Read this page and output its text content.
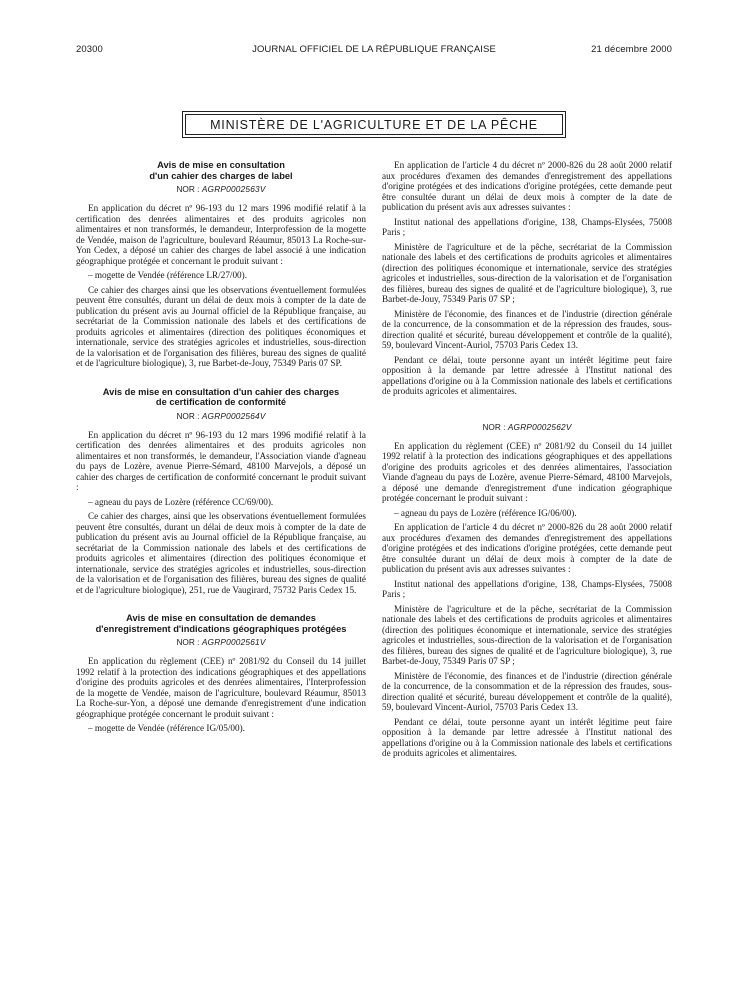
20300	JOURNAL OFFICIEL DE LA RÉPUBLIQUE FRANÇAISE	21 décembre 2000
MINISTÈRE DE L'AGRICULTURE ET DE LA PÊCHE
Avis de mise en consultation
d'un cahier des charges de label
NOR : AGRP0002563V

En application du décret nº 96-193 du 12 mars 1996 modifié relatif à la certification des denrées alimentaires et des produits agricoles non alimentaires et non transformés, le demandeur, Interprofession de la mogette de Vendée, maison de l'agriculture, boulevard Réaumur, 85013 La Roche-sur-Yon Cedex, a déposé un cahier des charges de label associé à une indication géographique protégée et concernant le produit suivant :

– mogette de Vendée (référence LR/27/00).

Ce cahier des charges ainsi que les observations éventuellement formulées peuvent être consultés, durant un délai de deux mois à compter de la date de publication du présent avis au Journal officiel de la République française, au secrétariat de la Commission nationale des labels et des certifications de produits agricoles et alimentaires (direction des politiques économiques et internationale, service des stratégies agricoles et industrielles, sous-direction de la valorisation et de l'organisation des filières, bureau des signes de qualité et de l'agriculture biologique), 3, rue Barbet-de-Jouy, 75349 Paris 07 SP.

Avis de mise en consultation d'un cahier des charges
de certification de conformité
NOR : AGRP0002564V

En application du décret nº 96-193 du 12 mars 1996 modifié relatif à la certification des denrées alimentaires et des produits agricoles non alimentaires et non transformés, le demandeur, l'Association viande d'agneau du pays de Lozère, avenue Pierre-Sémard, 48100 Marvejols, a déposé un cahier des charges de certification de conformité concernant le produit suivant :

– agneau du pays de Lozère (référence CC/69/00).

Ce cahier des charges, ainsi que les observations éventuellement formulées peuvent être consultés, durant un délai de deux mois à compter de la date de publication du présent avis au Journal officiel de la République française, au secrétariat de la Commission nationale des labels et des certifications de produits agricoles et alimentaires (direction des politiques économique et internationale, service des stratégies agricoles et industrielles, sous-direction de la valorisation et de l'organisation des filières, bureau des signes de qualité et de l'agriculture biologique), 251, rue de Vaugirard, 75732 Paris Cedex 15.

Avis de mise en consultation de demandes
d'enregistrement d'indications géographiques protégées
NOR : AGRP0002561V

En application du règlement (CEE) nº 2081/92 du Conseil du 14 juillet 1992 relatif à la protection des indications géographiques et des appellations d'origine des produits agricoles et des denrées alimentaires, l'Interprofession de la mogette de Vendée, maison de l'agriculture, boulevard Réaumur, 85013 La Roche-sur-Yon, a déposé une demande d'enregistrement d'une indication géographique protégée concernant le produit suivant :

– mogette de Vendée (référence IG/05/00).

En application de l'article 4 du décret nº 2000-826 du 28 août 2000 relatif aux procédures d'examen des demandes d'enregistrement des appellations d'origine protégées et des indications d'origine protégées, cette demande peut être consultée durant un délai de deux mois à compter de la date de publication du présent avis aux adresses suivantes :

Institut national des appellations d'origine, 138, Champs-Elysées, 75008 Paris ;

Ministère de l'agriculture et de la pêche, secrétariat de la Commission nationale des labels et des certifications de produits agricoles et alimentaires (direction des politiques économique et internationale, service des stratégies agricoles et industrielles, sous-direction de la valorisation et de l'organisation des filières, bureau des signes de qualité et de l'agriculture biologique), 3, rue Barbet-de-Jouy, 75349 Paris 07 SP ;

Ministère de l'économie, des finances et de l'industrie (direction générale de la concurrence, de la consommation et de la répression des fraudes, sous-direction qualité et sécurité, bureau développement et contrôle de la qualité), 59, boulevard Vincent-Auriol, 75703 Paris Cedex 13.

Pendant ce délai, toute personne ayant un intérêt légitime peut faire opposition à la demande par lettre adressée à l'Institut national des appellations d'origine ou à la Commission nationale des labels et certifications de produits agricoles et alimentaires.

NOR : AGRP0002562V

En application du règlement (CEE) nº 2081/92 du Conseil du 14 juillet 1992 relatif à la protection des indications géographiques et des appellations d'origine des produits agricoles et des denrées alimentaires, l'association Viande d'agneau du pays de Lozère, avenue Pierre-Sémard, 48100 Marvejols, a déposé une demande d'enregistrement d'une indication géographique protégée concernant le produit suivant :

– agneau du pays de Lozère (référence IG/06/00).

En application de l'article 4 du décret nº 2000-826 du 28 août 2000 relatif aux procédures d'examen des demandes d'enregistrement des appellations d'origine protégées et des indications d'origine protégées, cette demande peut être consultée durant un délai de deux mois à compter de la date de publication du présent avis aux adresses suivantes :

Institut national des appellations d'origine, 138, Champs-Elysées, 75008 Paris ;

Ministère de l'agriculture et de la pêche, secrétariat de la Commission nationale des labels et des certifications de produits agricoles et alimentaires (direction des politiques économique et internationale, service des stratégies agricoles et industrielles, sous-direction de la valorisation et de l'organisation des filières, bureau des signes de qualité et de l'agriculture biologique), 3, rue Barbet-de-Jouy, 75349 Paris 07 SP ;

Ministère de l'économie, des finances et de l'industrie (direction générale de la concurrence, de la consommation et de la répression des fraudes, sous-direction qualité et sécurité, bureau développement et contrôle de la qualité), 59, boulevard Vincent-Auriol, 75703 Paris Cedex 13.

Pendant ce délai, toute personne ayant un intérêt légitime peut faire opposition à la demande par lettre adressée à l'Institut national des appellations d'origine ou à la Commission nationale des labels et certifications de produits agricoles et alimentaires.
